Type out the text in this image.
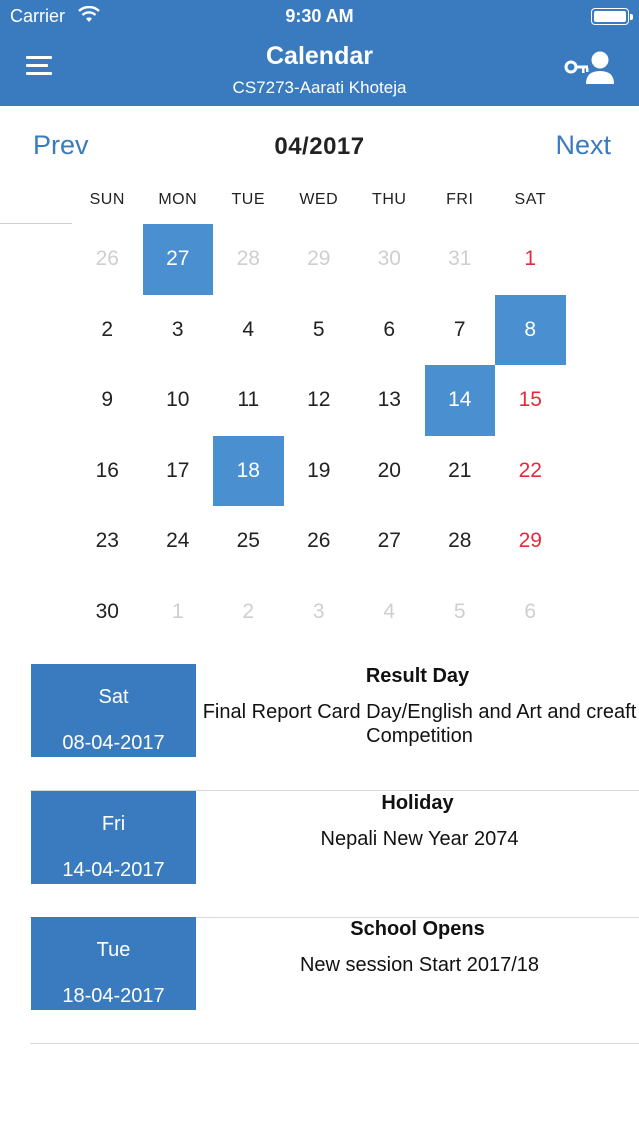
Carrier	9:30 AM
Calendar
CS7273-Aarati Khoteja
Prev	04/2017	Next
SUN	MON	TUE	WED	THU	FRI	SAT
26	27	28	29	30	31	1
2	3	4	5	6	7	8
9	10	11	12	13	14	15
16	17	18	19	20	21	22
23	24	25	26	27	28	29
30	1	2	3	4	5	6
Sat
08-04-2017
Result Day
Final Report Card Day/English and Art and creaft Competition
Fri
14-04-2017
Holiday
Nepali New Year 2074
Tue
18-04-2017
School Opens
New session Start 2017/18
